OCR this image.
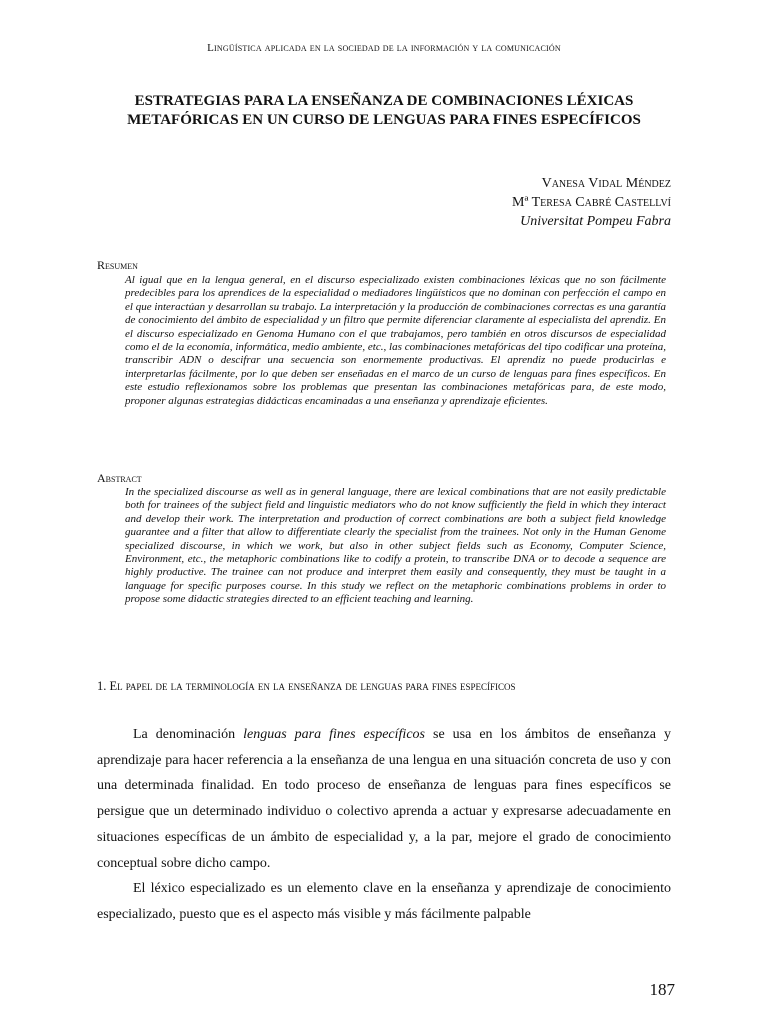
Lingüística aplicada en la sociedad de la información y la comunicación
ESTRATEGIAS PARA LA ENSEÑANZA DE COMBINACIONES LÉXICAS
METAFÓRICAS EN UN CURSO DE LENGUAS PARA FINES ESPECÍFICOS
Vanesa Vidal Méndez
Mª Teresa Cabré Castellví
Universitat Pompeu Fabra
Resumen
Al igual que en la lengua general, en el discurso especializado existen combinaciones léxicas que no son fácilmente predecibles para los aprendices de la especialidad o mediadores lingüísticos que no dominan con perfección el campo en el que interactúan y desarrollan su trabajo. La interpretación y la producción de combinaciones correctas es una garantía de conocimiento del ámbito de especialidad y un filtro que permite diferenciar claramente al especialista del aprendiz. En el discurso especializado en Genoma Humano con el que trabajamos, pero también en otros discursos de especialidad como el de la economía, informática, medio ambiente, etc., las combinaciones metafóricas del tipo codificar una proteína, transcribir ADN o descifrar una secuencia son enormemente productivas. El aprendiz no puede producirlas e interpretarlas fácilmente, por lo que deben ser enseñadas en el marco de un curso de lenguas para fines específicos. En este estudio reflexionamos sobre los problemas que presentan las combinaciones metafóricas para, de este modo, proponer algunas estrategias didácticas encaminadas a una enseñanza y aprendizaje eficientes.
Abstract
In the specialized discourse as well as in general language, there are lexical combinations that are not easily predictable both for trainees of the subject field and linguistic mediators who do not know sufficiently the field in which they interact and develop their work. The interpretation and production of correct combinations are both a subject field knowledge guarantee and a filter that allow to differentiate clearly the specialist from the trainees. Not only in the Human Genome specialized discourse, in which we work, but also in other subject fields such as Economy, Computer Science, Environment, etc., the metaphoric combinations like to codify a protein, to transcribe DNA or to decode a sequence are highly productive. The trainee can not produce and interpret them easily and consequently, they must be taught in a language for specific purposes course. In this study we reflect on the metaphoric combinations problems in order to propose some didactic strategies directed to an efficient teaching and learning.
1. El papel de la terminología en la enseñanza de lenguas para fines específicos

La denominación lenguas para fines específicos se usa en los ámbitos de enseñanza y aprendizaje para hacer referencia a la enseñanza de una lengua en una situación concreta de uso y con una determinada finalidad. En todo proceso de enseñanza de lenguas para fines específicos se persigue que un determinado individuo o colectivo aprenda a actuar y expresarse adecuadamente en situaciones específicas de un ámbito de especialidad y, a la par, mejore el grado de conocimiento conceptual sobre dicho campo.

El léxico especializado es un elemento clave en la enseñanza y aprendizaje de conocimiento especializado, puesto que es el aspecto más visible y más fácilmente palpable

187
